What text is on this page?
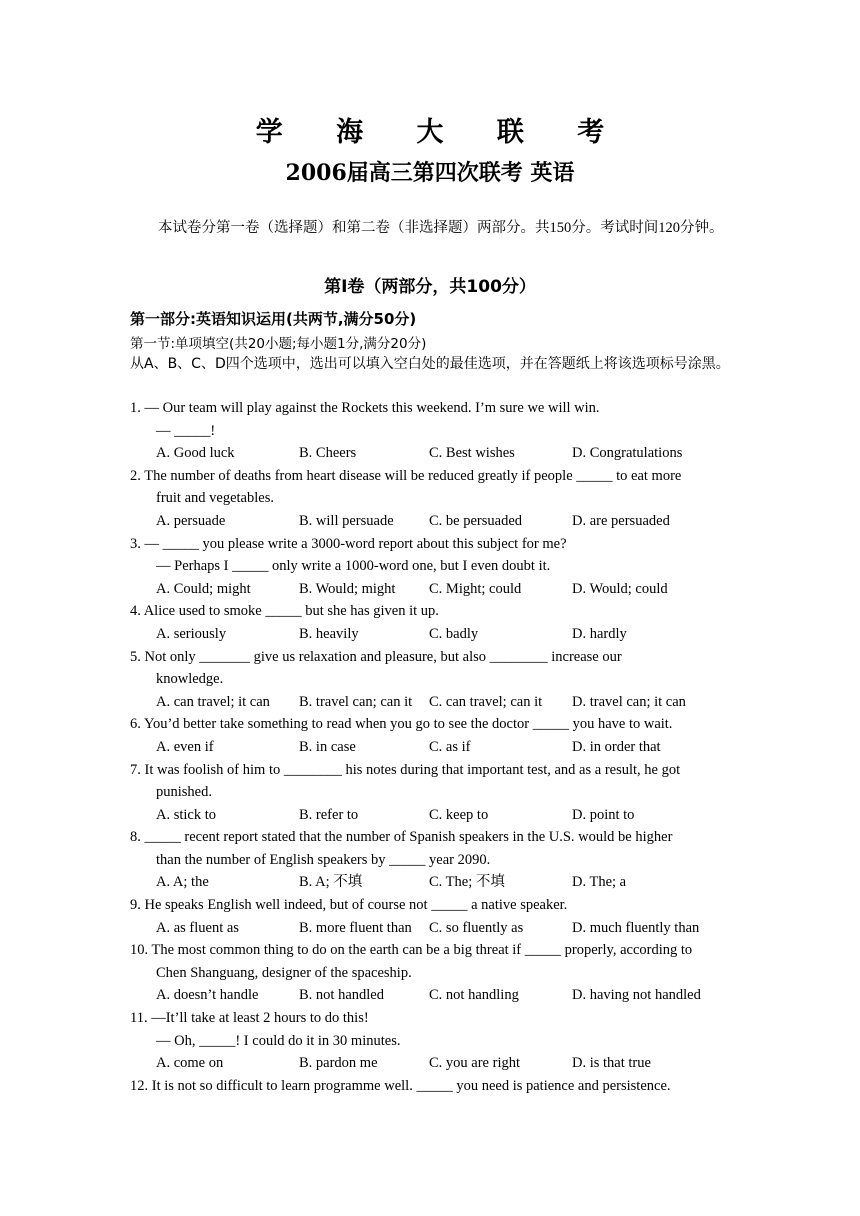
学 海 大 联 考
2006届高三第四次联考 英语
本试卷分第一卷（选择题）和第二卷（非选择题）两部分。共150分。考试时间120分钟。
第Ⅰ卷（两部分，共100分）
第一部分:英语知识运用(共两节,满分50分)
第一节:单项填空(共20小题;每小题1分,满分20分)
从A、B、C、D四个选项中，选出可以填入空白处的最佳选项，并在答题纸上将该选项标号涂黑。
1. — Our team will play against the Rockets this weekend. I’m sure we will win.
— _____!
A. Good luck	B. Cheers	C. Best wishes	D. Congratulations
2. The number of deaths from heart disease will be reduced greatly if people _____ to eat more
fruit and vegetables.
A. persuade	B. will persuade C. be persuaded	D. are persuaded
3. — _____ you please write a 3000-word report about this subject for me?
— Perhaps I _____ only write a 1000-word one, but I even doubt it.
A. Could; might	B. Would; might C. Might; could	D. Would; could
4. Alice used to smoke _____ but she has given it up.
A. seriously	B. heavily	C. badly	D. hardly
5. Not only _______ give us relaxation and pleasure, but also ________ increase our
knowledge.
A. can travel; it can B. travel can; can it C. can travel; can it D. travel can; it can
6. You’d better take something to read when you go to see the doctor _____ you have to wait.
A. even if	B. in case	C. as if	D. in order that
7. It was foolish of him to ________ his notes during that important test, and as a result, he got
punished.
A. stick to	B. refer to	C. keep to	D. point to
8. _____ recent report stated that the number of Spanish speakers in the U.S. would be higher
than the number of English speakers by _____ year 2090.
A. A; the	B. A; 不填	C. The; 不填	D. The; a
9. He speaks English well indeed, but of course not _____ a native speaker.
A. as fluent as	B. more fluent than C. so fluently as	D. much fluently than
10. The most common thing to do on the earth can be a big threat if _____ properly, according to
Chen Shanguang, designer of the spaceship.
A. doesn’t handle	B. not handled	C. not handling	D. having not handled
11. —It’ll take at least 2 hours to do this!
— Oh, _____! I could do it in 30 minutes.
A. come on	B. pardon me	C. you are right	D. is that true
12. It is not so difficult to learn programme well. _____ you need is patience and persistence.
